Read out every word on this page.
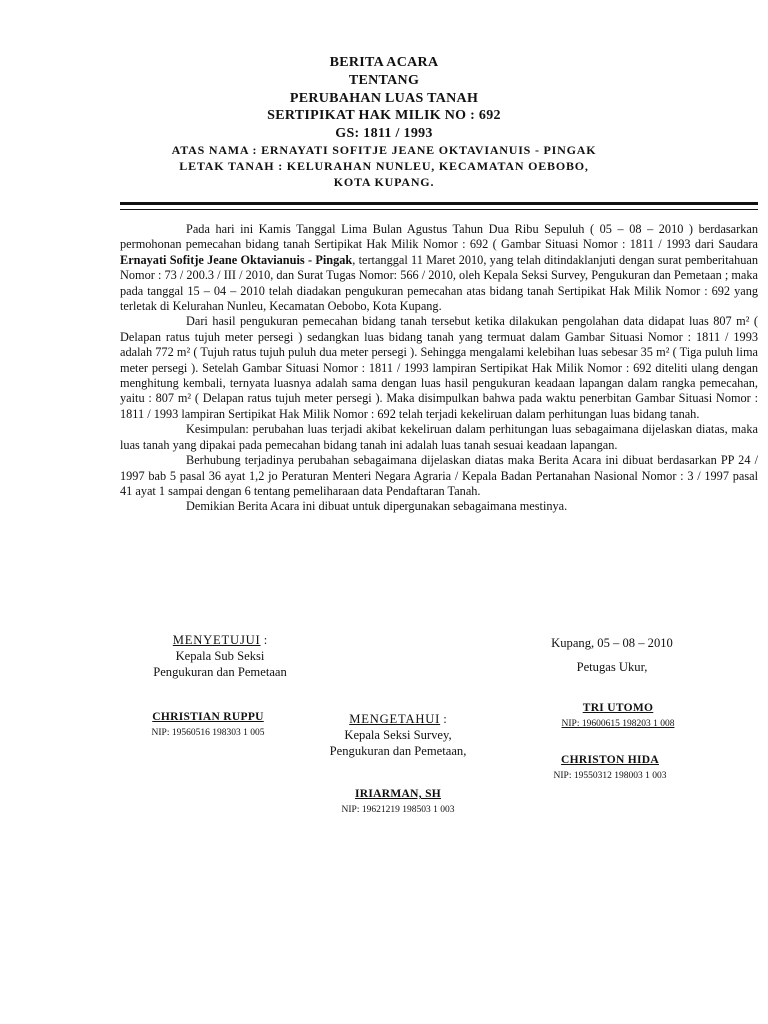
BERITA ACARA
TENTANG
PERUBAHAN LUAS TANAH
SERTIPIKAT HAK MILIK NO : 692
GS: 1811 / 1993
ATAS NAMA : ERNAYATI SOFITJE JEANE OKTAVIANUIS - PINGAK
LETAK TANAH : KELURAHAN NUNLEU, KECAMATAN OEBOBO,
KOTA KUPANG.

Pada hari ini Kamis Tanggal Lima Bulan Agustus Tahun Dua Ribu Sepuluh ( 05 – 08 – 2010 ) berdasarkan permohonan pemecahan bidang tanah Sertipikat Hak Milik Nomor : 692 ( Gambar Situasi Nomor : 1811 / 1993 dari Saudara Ernayati Sofitje Jeane Oktavianuis - Pingak, tertanggal 11 Maret 2010, yang telah ditindaklanjuti dengan surat pemberitahuan Nomor : 73 / 200.3 / III / 2010, dan Surat Tugas Nomor: 566 / 2010, oleh Kepala Seksi Survey, Pengukuran dan Pemetaan ; maka pada tanggal 15 – 04 – 2010 telah diadakan pengukuran pemecahan atas bidang tanah Sertipikat Hak Milik Nomor : 692 yang terletak di Kelurahan Nunleu, Kecamatan Oebobo, Kota Kupang.

Dari hasil pengukuran pemecahan bidang tanah tersebut ketika dilakukan pengolahan data didapat luas 807 m² ( Delapan ratus tujuh meter persegi ) sedangkan luas bidang tanah yang termuat dalam Gambar Situasi Nomor : 1811 / 1993 adalah 772 m² ( Tujuh ratus tujuh puluh dua meter persegi ). Sehingga mengalami kelebihan luas sebesar 35 m² ( Tiga puluh lima meter persegi ). Setelah Gambar Situasi Nomor : 1811 / 1993 lampiran Sertipikat Hak Milik Nomor : 692 diteliti ulang dengan menghitung kembali, ternyata luasnya adalah sama dengan luas hasil pengukuran keadaan lapangan dalam rangka pemecahan, yaitu : 807 m² ( Delapan ratus tujuh meter persegi ). Maka disimpulkan bahwa pada waktu penerbitan Gambar Situasi Nomor : 1811 / 1993 lampiran Sertipikat Hak Milik Nomor : 692 telah terjadi kekeliruan dalam perhitungan luas bidang tanah.

Kesimpulan: perubahan luas terjadi akibat kekeliruan dalam perhitungan luas sebagaimana dijelaskan diatas, maka luas tanah yang dipakai pada pemecahan bidang tanah ini adalah luas tanah sesuai keadaan lapangan.

Berhubung terjadinya perubahan sebagaimana dijelaskan diatas maka Berita Acara ini dibuat berdasarkan PP 24 / 1997 bab 5 pasal 36 ayat 1,2 jo Peraturan Menteri Negara Agraria / Kepala Badan Pertanahan Nasional Nomor : 3 / 1997 pasal 41 ayat 1 sampai dengan 6 tentang pemeliharaan data Pendaftaran Tanah.

Demikian Berita Acara ini dibuat untuk dipergunakan sebagaimana mestinya.

MENYETUJUI :
Kepala Sub Seksi
Pengukuran dan Pemetaan
CHRISTIAN RUPPU
NIP: 19560516 198303 1 005
MENGETAHUI :
Kepala Seksi Survey,
Pengukuran dan Pemetaan,
IRIARMAN, SH
NIP: 19621219 198503 1 003
Kupang, 05 – 08 – 2010
Petugas Ukur,
TRI UTOMO
NIP: 19600615 198203 1 008
CHRISTON HIDA
NIP: 19550312 198003 1 003
